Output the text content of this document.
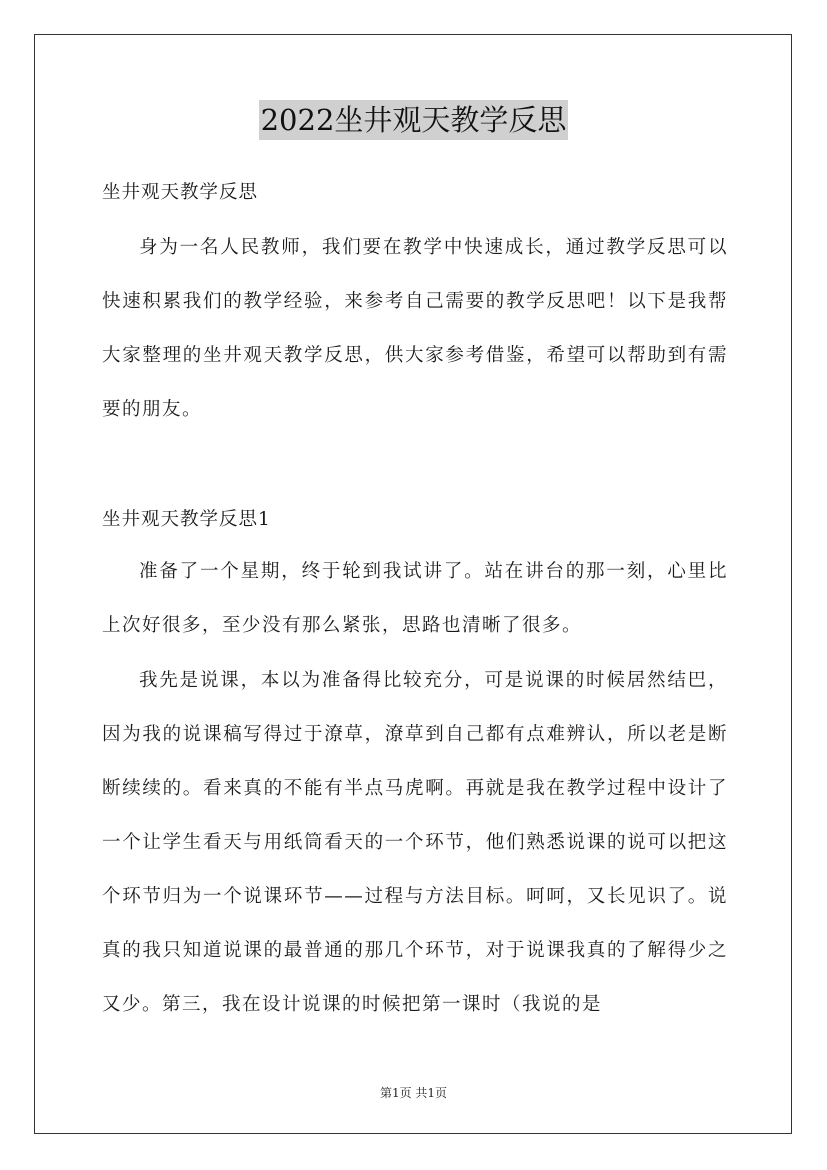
2022坐井观天教学反思
坐井观天教学反思

身为一名人民教师，我们要在教学中快速成长，通过教学反思可以快速积累我们的教学经验，来参考自己需要的教学反思吧！以下是我帮大家整理的坐井观天教学反思，供大家参考借鉴，希望可以帮助到有需要的朋友。

坐井观天教学反思1

准备了一个星期，终于轮到我试讲了。站在讲台的那一刻，心里比上次好很多，至少没有那么紧张，思路也清晰了很多。

我先是说课，本以为准备得比较充分，可是说课的时候居然结巴，因为我的说课稿写得过于潦草，潦草到自己都有点难辨认，所以老是断断续续的。看来真的不能有半点马虎啊。再就是我在教学过程中设计了一个让学生看天与用纸筒看天的一个环节，他们熟悉说课的说可以把这个环节归为一个说课环节——过程与方法目标。呵呵，又长见识了。说真的我只知道说课的最普通的那几个环节，对于说课我真的了解得少之又少。第三，我在设计说课的时候把第一课时（我说的是

第1页 共1页
